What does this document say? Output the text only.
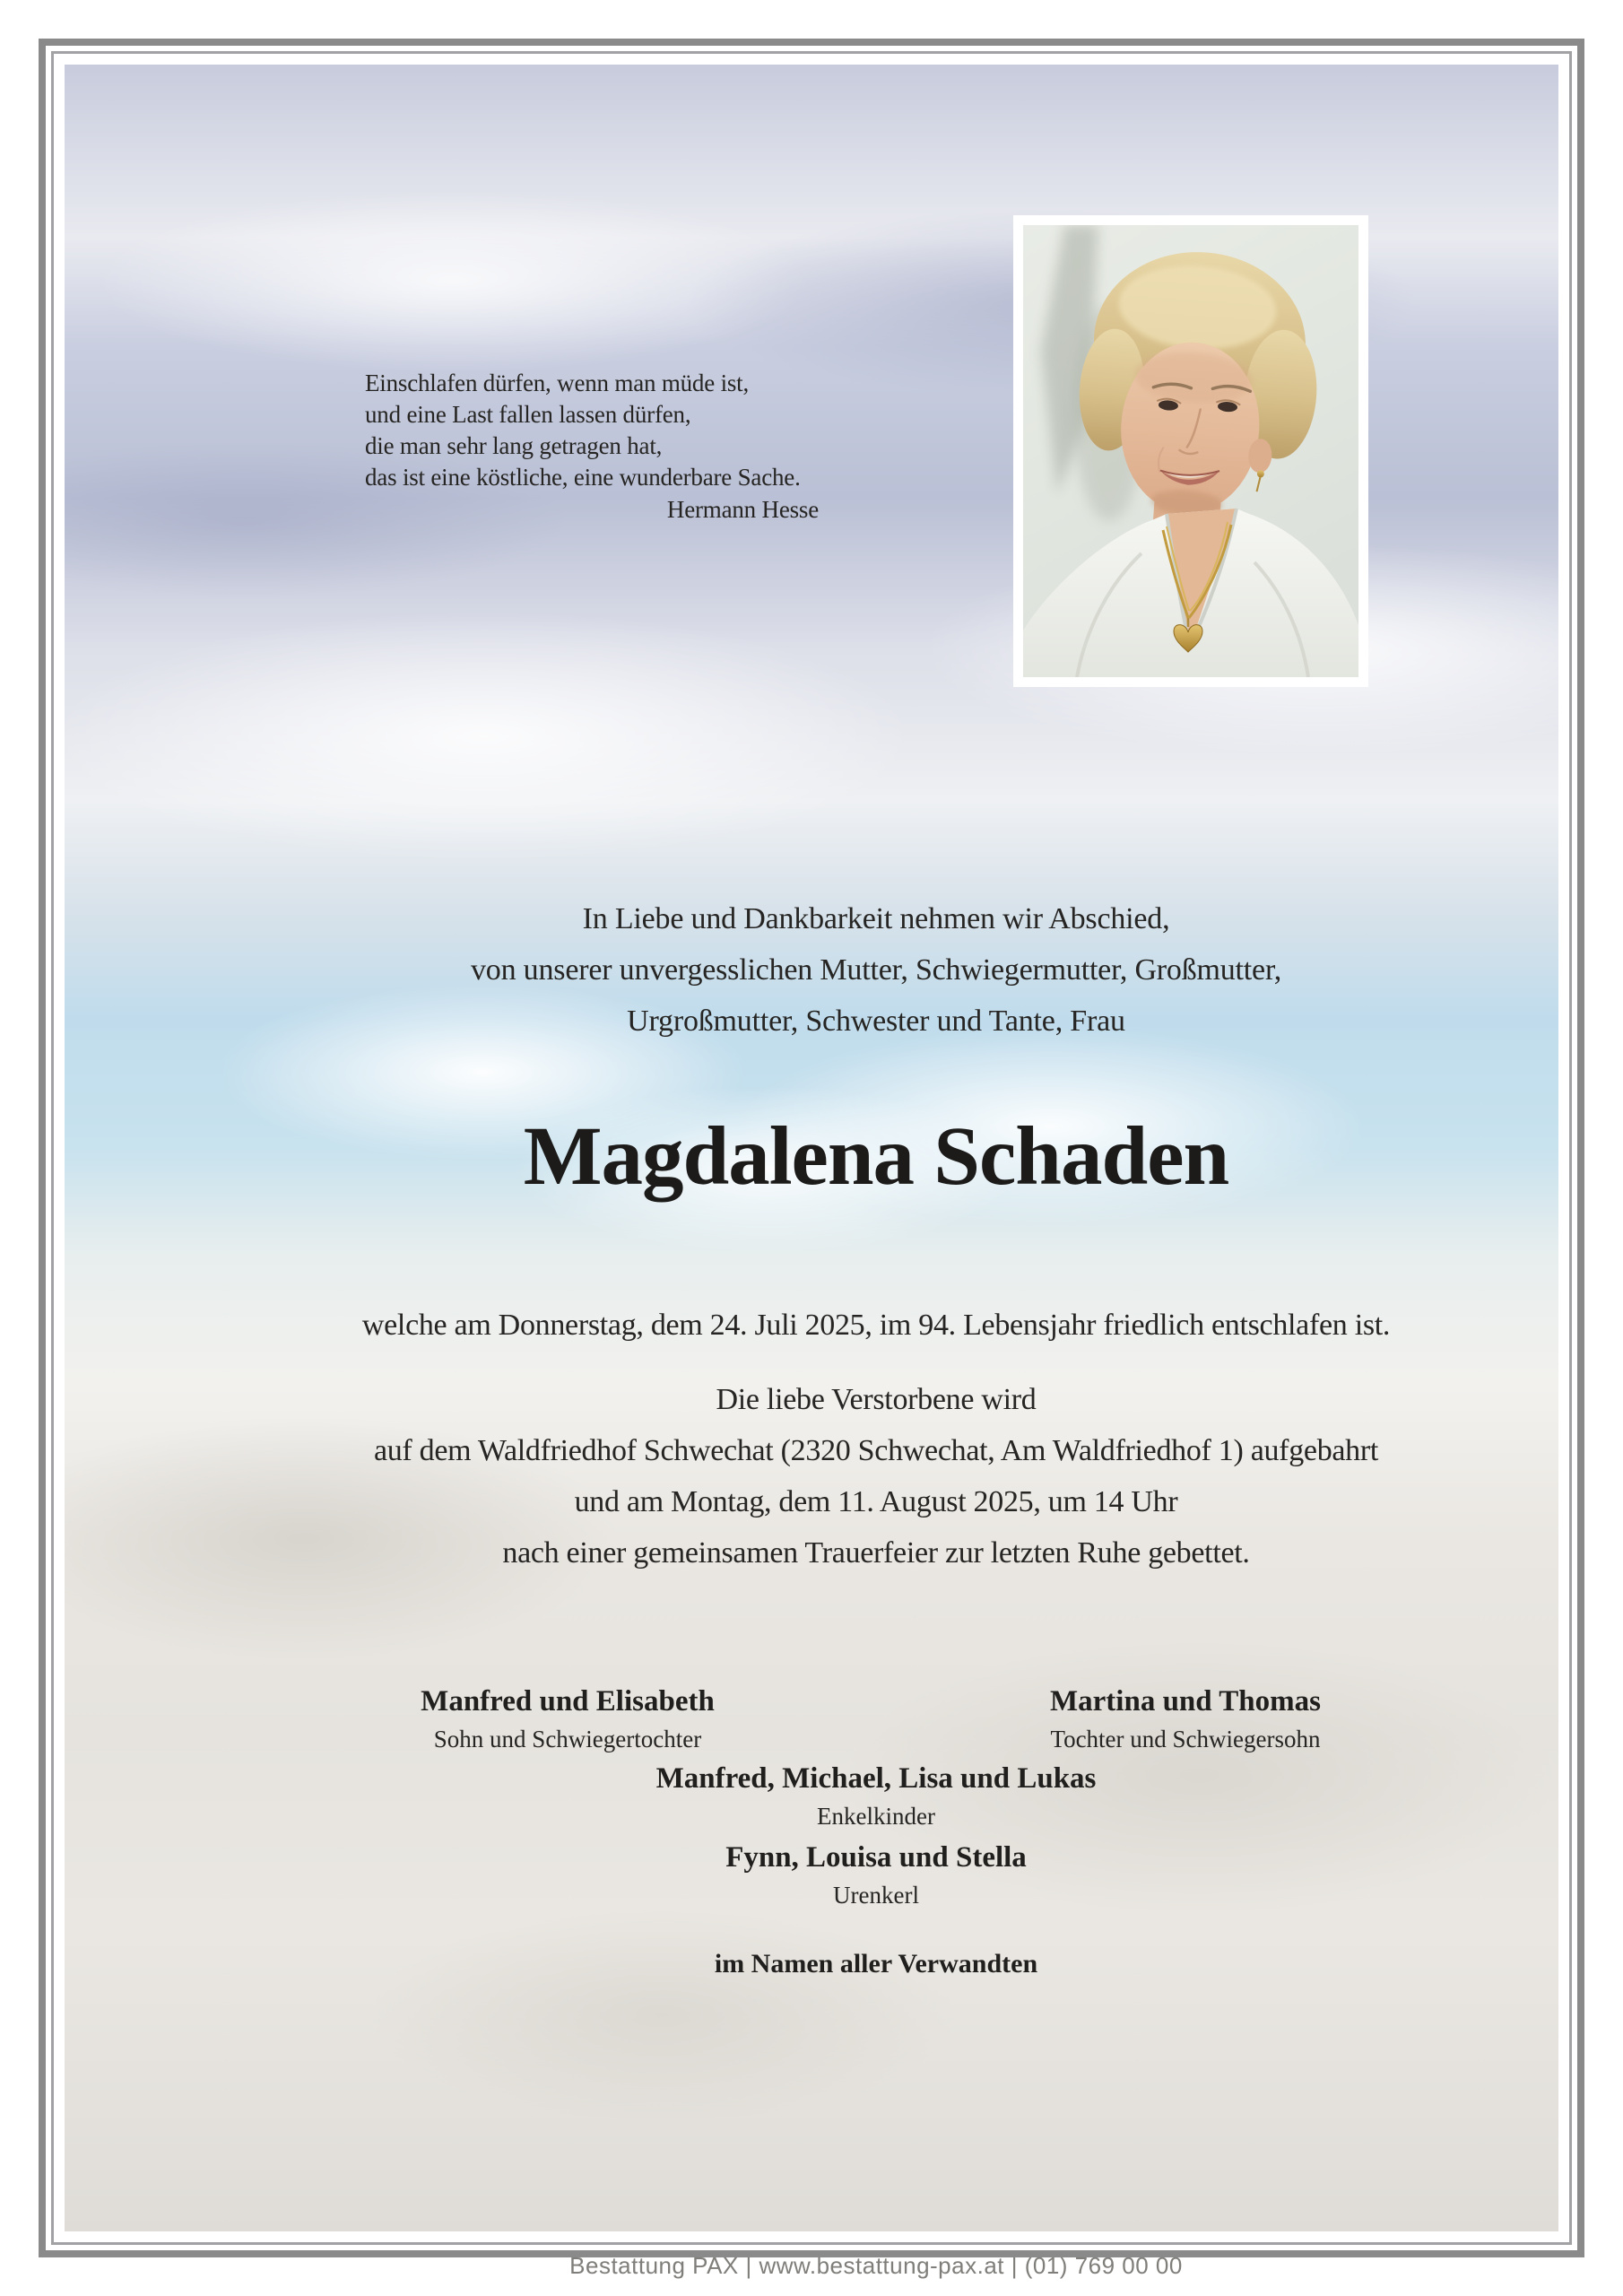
Einschlafen dürfen, wenn man müde ist,
und eine Last fallen lassen dürfen,
die man sehr lang getragen hat,
das ist eine köstliche, eine wunderbare Sache.
Hermann Hesse
In Liebe und Dankbarkeit nehmen wir Abschied,
von unserer unvergesslichen Mutter, Schwiegermutter, Großmutter,
Urgroßmutter, Schwester und Tante, Frau
Magdalena Schaden
welche am Donnerstag, dem 24. Juli 2025, im 94. Lebensjahr friedlich entschlafen ist.
Die liebe Verstorbene wird
auf dem Waldfriedhof Schwechat (2320 Schwechat, Am Waldfriedhof 1) aufgebahrt
und am Montag, dem 11. August 2025, um 14 Uhr
nach einer gemeinsamen Trauerfeier zur letzten Ruhe gebettet.
Manfred und Elisabeth
Sohn und Schwiegertochter
Martina und Thomas
Tochter und Schwiegersohn
Manfred, Michael, Lisa und Lukas
Enkelkinder
Fynn, Louisa und Stella
Urenkerl
im Namen aller Verwandten
Bestattung PAX | www.bestattung-pax.at | (01) 769 00 00
